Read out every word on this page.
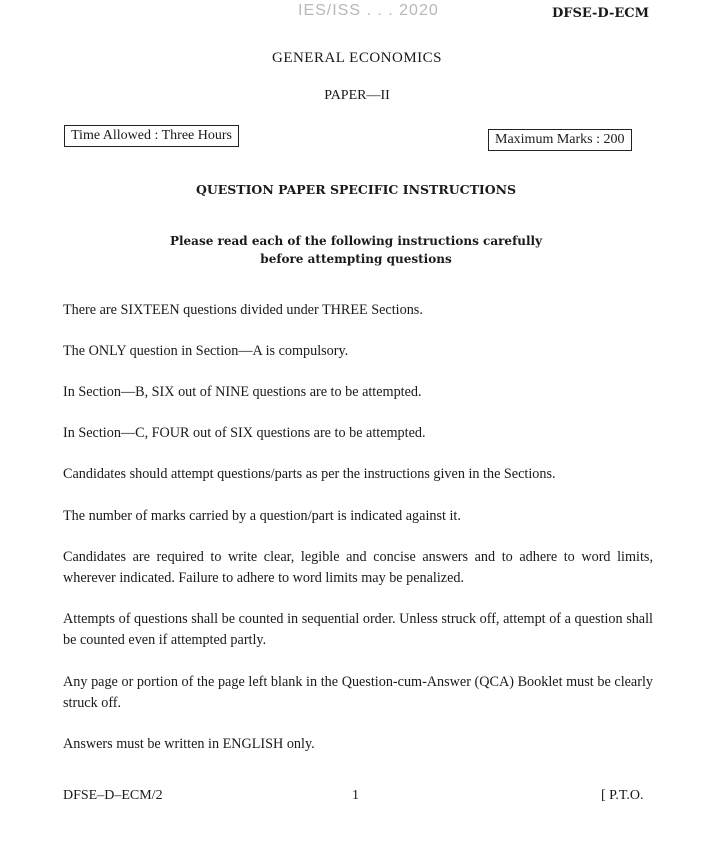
IES/ISS . . . 2020	DFSE-D-ECM
GENERAL ECONOMICS
PAPER—II
Time Allowed : Three Hours	Maximum Marks : 200
QUESTION PAPER SPECIFIC INSTRUCTIONS
Please read each of the following instructions carefully
before attempting questions
There are SIXTEEN questions divided under THREE Sections.
The ONLY question in Section—A is compulsory.
In Section—B, SIX out of NINE questions are to be attempted.
In Section—C, FOUR out of SIX questions are to be attempted.
Candidates should attempt questions/parts as per the instructions given in the Sections.
The number of marks carried by a question/part is indicated against it.
Candidates are required to write clear, legible and concise answers and to adhere to word limits, wherever indicated. Failure to adhere to word limits may be penalized.
Attempts of questions shall be counted in sequential order. Unless struck off, attempt of a question shall be counted even if attempted partly.
Any page or portion of the page left blank in the Question-cum-Answer (QCA) Booklet must be clearly struck off.
Answers must be written in ENGLISH only.
DFSE–D–ECM/2	1	[ P.T.O.
